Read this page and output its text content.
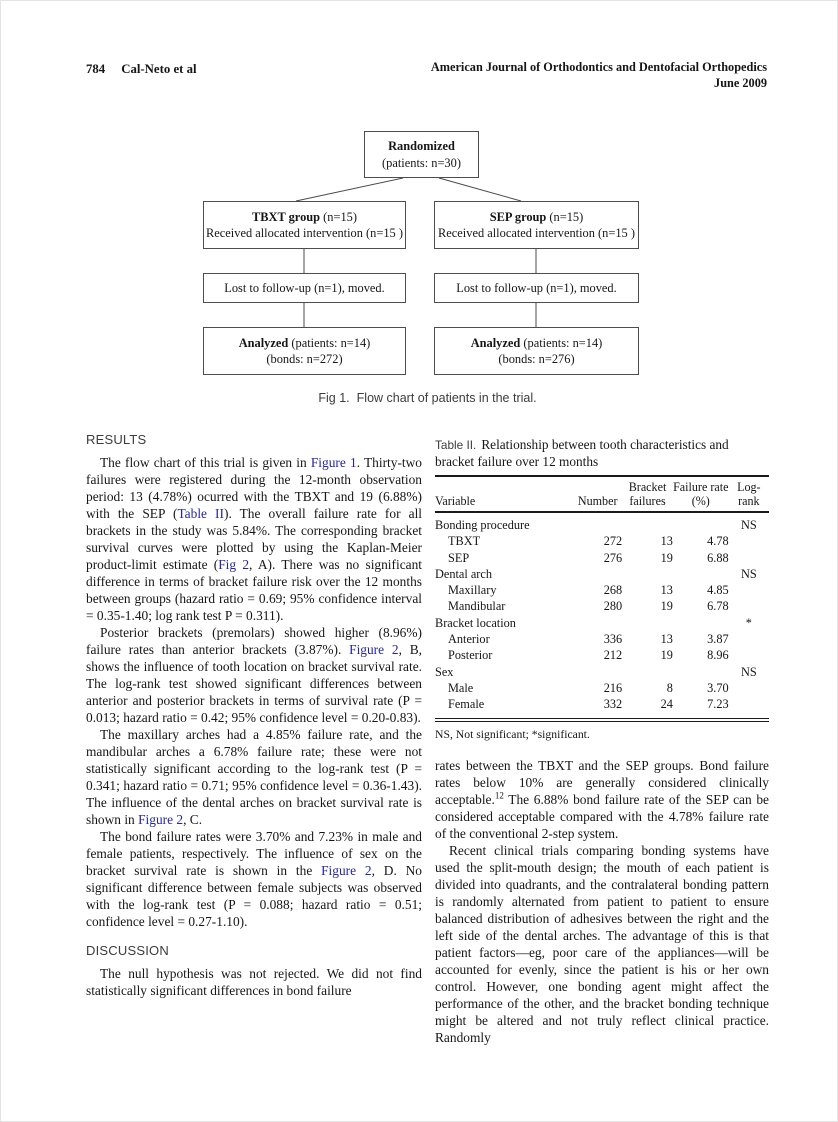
784 Cal-Neto et al	American Journal of Orthodontics and Dentofacial Orthopedics
June 2009
Randomized
(patients: n=30)
TBXT group (n=15)
Received allocated intervention (n=15 )
SEP group (n=15)
Received allocated intervention (n=15 )
Lost to follow-up (n=1), moved.	Lost to follow-up (n=1), moved.
Analyzed (patients: n=14)
(bonds: n=272)
Analyzed (patients: n=14)
(bonds: n=276)
Fig 1. Flow chart of patients in the trial.
RESULTS

The flow chart of this trial is given in Figure 1. Thirty-two failures were registered during the 12-month observation period: 13 (4.78%) ocurred with the TBXT and 19 (6.88%) with the SEP (Table II). The overall failure rate for all brackets in the study was 5.84%. The corresponding bracket survival curves were plotted by using the Kaplan-Meier product-limit estimate (Fig 2, A). There was no significant difference in terms of bracket failure risk over the 12 months between groups (hazard ratio = 0.69; 95% confidence interval = 0.35-1.40; log rank test P = 0.311).

Posterior brackets (premolars) showed higher (8.96%) failure rates than anterior brackets (3.87%). Figure 2, B, shows the influence of tooth location on bracket survival rate. The log-rank test showed significant differences between anterior and posterior brackets in terms of survival rate (P = 0.013; hazard ratio = 0.42; 95% confidence level = 0.20-0.83).

The maxillary arches had a 4.85% failure rate, and the mandibular arches a 6.78% failure rate; these were not statistically significant according to the log-rank test (P = 0.341; hazard ratio = 0.71; 95% confidence level = 0.36-1.43). The influence of the dental arches on bracket survival rate is shown in Figure 2, C.

The bond failure rates were 3.70% and 7.23% in male and female patients, respectively. The influence of sex on the bracket survival rate is shown in the Figure 2, D. No significant difference between female subjects was observed with the log-rank test (P = 0.088; hazard ratio = 0.51; confidence level = 0.27-1.10).

DISCUSSION

The null hypothesis was not rejected. We did not find statistically significant differences in bond failure

Table II. Relationship between tooth characteristics and bracket failure over 12 months
Variable	Number	Bracket failures	Failure rate (%)	Log-rank
Bonding procedure				NS
TBXT	272	13	4.78	
SEP	276	19	6.88	
Dental arch				NS
Maxillary	268	13	4.85	
Mandibular	280	19	6.78	
Bracket location				*
Anterior	336	13	3.87	
Posterior	212	19	8.96	
Sex				NS
Male	216	8	3.70	
Female	332	24	7.23	
NS, Not significant; *significant.

rates between the TBXT and the SEP groups. Bond failure rates below 10% are generally considered clinically acceptable.$^{12}$ The 6.88% bond failure rate of the SEP can be considered acceptable compared with the 4.78% failure rate of the conventional 2-step system.

Recent clinical trials comparing bonding systems have used the split-mouth design; the mouth of each patient is divided into quadrants, and the contralateral bonding pattern is randomly alternated from patient to patient to ensure balanced distribution of adhesives between the right and the left side of the dental arches. The advantage of this is that patient factors—eg, poor care of the appliances—will be accounted for evenly, since the patient is his or her own control. However, one bonding agent might affect the performance of the other, and the bracket bonding technique might be altered and not truly reflect clinical practice. Randomly
